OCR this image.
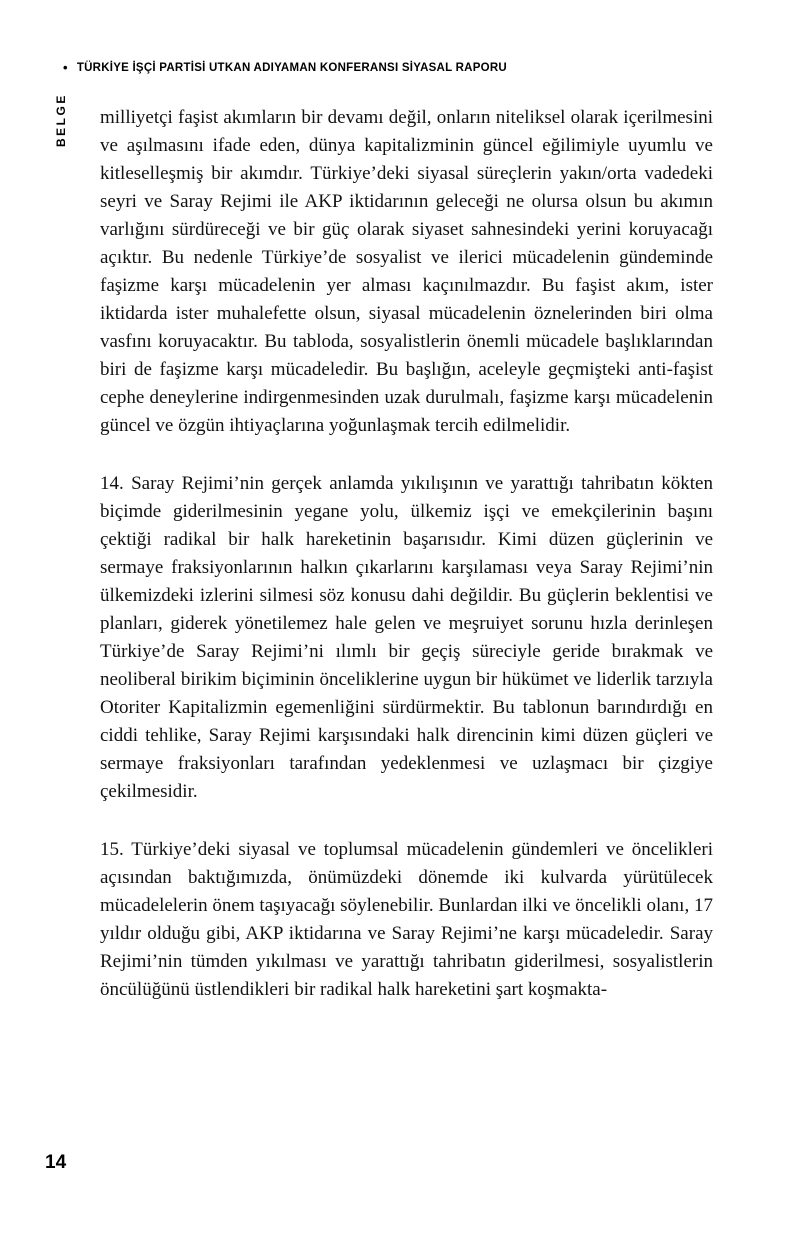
• TÜRKİYE İŞÇİ PARTİSİ UTKAN ADIYAMAN KONFERANSI SİYASAL RAPORU
BELGE milliyetçi faşist akımların bir devamı değil, onların niteliksel olarak içerilmesini ve aşılmasını ifade eden, dünya kapitalizminin güncel eğilimiyle uyumlu ve kitleselleşmiş bir akımdır. Türkiye’deki siyasal süreçlerin yakın/orta vadedeki seyri ve Saray Rejimi ile AKP iktidarının geleceği ne olursa olsun bu akımın varlığını sürdüreceği ve bir güç olarak siyaset sahnesindeki yerini koruyacağı açıktır. Bu nedenle Türkiye’de sosyalist ve ilerici mücadelenin gündeminde faşizme karşı mücadelenin yer alması kaçınılmazdır. Bu faşist akım, ister iktidarda ister muhalefette olsun, siyasal mücadelenin öznelerinden biri olma vasfını koruyacaktır. Bu tabloda, sosyalistlerin önemli mücadele başlıklarından biri de faşizme karşı mücadeledir. Bu başlığın, aceleyle geçmişteki anti-faşist cephe deneylerine indirgenmesinden uzak durulmalı, faşizme karşı mücadelenin güncel ve özgün ihtiyaçlarına yoğunlaşmak tercih edilmelidir.

14. Saray Rejimi’nin gerçek anlamda yıkılışının ve yarattığı tahribatın kökten biçimde giderilmesinin yegane yolu, ülkemiz işçi ve emekçilerinin başını çektiği radikal bir halk hareketinin başarısıdır. Kimi düzen güçlerinin ve sermaye fraksiyonlarının halkın çıkarlarını karşılaması veya Saray Rejimi’nin ülkemizdeki izlerini silmesi söz konusu dahi değildir. Bu güçlerin beklentisi ve planları, giderek yönetilemez hale gelen ve meşruiyet sorunu hızla derinleşen Türkiye’de Saray Rejimi’ni ılımlı bir geçiş süreciyle geride bırakmak ve neoliberal birikim biçiminin önceliklerine uygun bir hükümet ve liderlik tarzıyla Otoriter Kapitalizmin egemenliğini sürdürmektir. Bu tablonun barındırdığı en ciddi tehlike, Saray Rejimi karşısındaki halk direncinin kimi düzen güçleri ve sermaye fraksiyonları tarafından yedeklenmesi ve uzlaşmacı bir çizgiye çekilmesidir.

15. Türkiye’deki siyasal ve toplumsal mücadelenin gündemleri ve öncelikleri açısından baktığımızda, önümüzdeki dönemde iki kulvarda yürütülecek mücadelelerin önem taşıyacağı söylenebilir. Bunlardan ilki ve öncelikli olanı, 17 yıldır olduğu gibi, AKP iktidarına ve Saray Rejimi’ne karşı mücadeledir. Saray Rejimi’nin tümden yıkılması ve yarattığı tahribatın giderilmesi, sosyalistlerin öncülüğünü üstlendikleri bir radikal halk hareketini şart koşmakta-

14
